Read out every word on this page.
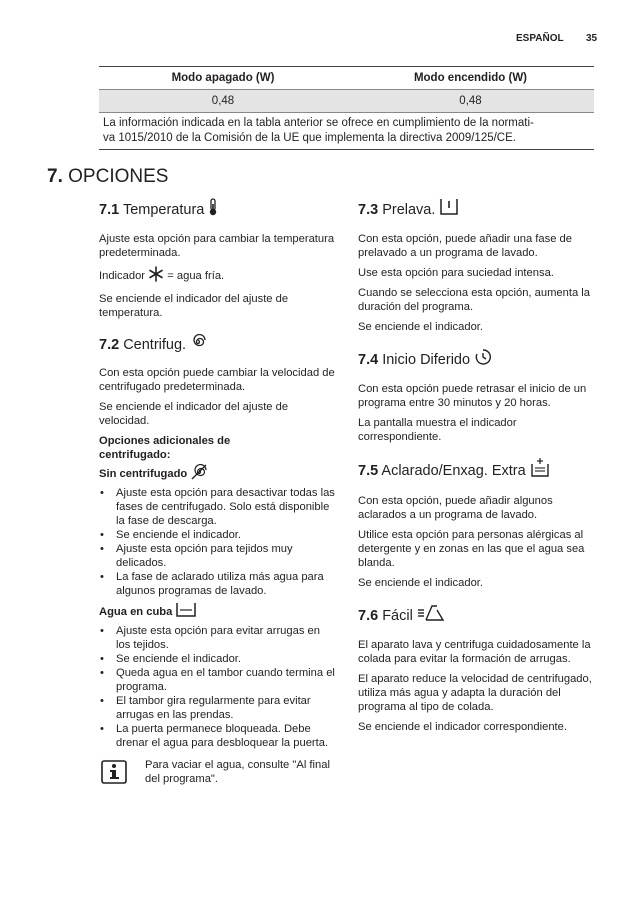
ESPAÑOL 35
Modo apagado (W)	Modo encendido (W)
0,48	0,48
La información indicada en la tabla anterior se ofrece en cumplimiento de la normati-
va 1015/2010 de la Comisión de la UE que implementa la directiva 2009/125/CE.
7. OPCIONES
7.1 Temperatura

Ajuste esta opción para cambiar la temperatura predeterminada.

Indicador = agua fría.

Se enciende el indicador del ajuste de temperatura.

7.2 Centrifug.

Con esta opción puede cambiar la velocidad de centrifugado predeterminada.

Se enciende el indicador del ajuste de velocidad.

Opciones adicionales de
centrifugado:
Sin centrifugado
• Ajuste esta opción para desactivar todas las fases de centrifugado. Solo está disponible la fase de descarga.
• Se enciende el indicador.
• Ajuste esta opción para tejidos muy delicados.
• La fase de aclarado utiliza más agua para algunos programas de lavado.
Agua en cuba
• Ajuste esta opción para evitar arrugas en los tejidos.
• Se enciende el indicador.
• Queda agua en el tambor cuando termina el programa.
• El tambor gira regularmente para evitar arrugas en las prendas.
• La puerta permanece bloqueada. Debe drenar el agua para desbloquear la puerta.
Para vaciar el agua, consulte "Al final del programa".
7.3 Prelava.

Con esta opción, puede añadir una fase de prelavado a un programa de lavado.

Use esta opción para suciedad intensa.

Cuando se selecciona esta opción, aumenta la duración del programa.

Se enciende el indicador.

7.4 Inicio Diferido

Con esta opción puede retrasar el inicio de un programa entre 30 minutos y 20 horas.

La pantalla muestra el indicador correspondiente.

7.5 Aclarado/Enxag. Extra

Con esta opción, puede añadir algunos aclarados a un programa de lavado.

Utilice esta opción para personas alérgicas al detergente y en zonas en las que el agua sea blanda.

Se enciende el indicador.

7.6 Fácil

El aparato lava y centrifuga cuidadosamente la colada para evitar la formación de arrugas.

El aparato reduce la velocidad de centrifugado, utiliza más agua y adapta la duración del programa al tipo de colada.

Se enciende el indicador correspondiente.
